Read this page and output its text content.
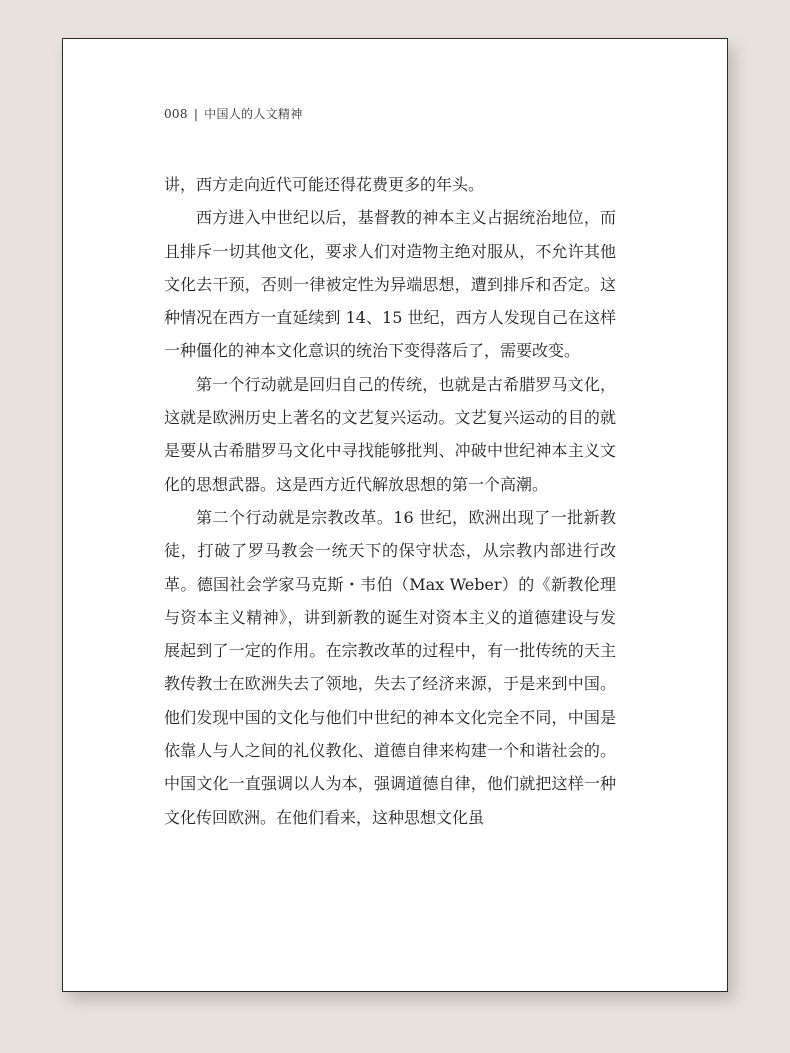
008 | 中国人的人文精神

讲，西方走向近代可能还得花费更多的年头。

西方进入中世纪以后，基督教的神本主义占据统治地位，而且排斥一切其他文化，要求人们对造物主绝对服从，不允许其他文化去干预，否则一律被定性为异端思想，遭到排斥和否定。这种情况在西方一直延续到 14、15 世纪，西方人发现自己在这样一种僵化的神本文化意识的统治下变得落后了，需要改变。

第一个行动就是回归自己的传统，也就是古希腊罗马文化，这就是欧洲历史上著名的文艺复兴运动。文艺复兴运动的目的就是要从古希腊罗马文化中寻找能够批判、冲破中世纪神本主义文化的思想武器。这是西方近代解放思想的第一个高潮。

第二个行动就是宗教改革。16 世纪，欧洲出现了一批新教徒，打破了罗马教会一统天下的保守状态，从宗教内部进行改革。德国社会学家马克斯・韦伯（Max Weber）的《新教伦理与资本主义精神》，讲到新教的诞生对资本主义的道德建设与发展起到了一定的作用。在宗教改革的过程中，有一批传统的天主教传教士在欧洲失去了领地，失去了经济来源，于是来到中国。他们发现中国的文化与他们中世纪的神本文化完全不同，中国是依靠人与人之间的礼仪教化、道德自律来构建一个和谐社会的。中国文化一直强调以人为本，强调道德自律，他们就把这样一种文化传回欧洲。在他们看来，这种思想文化虽
